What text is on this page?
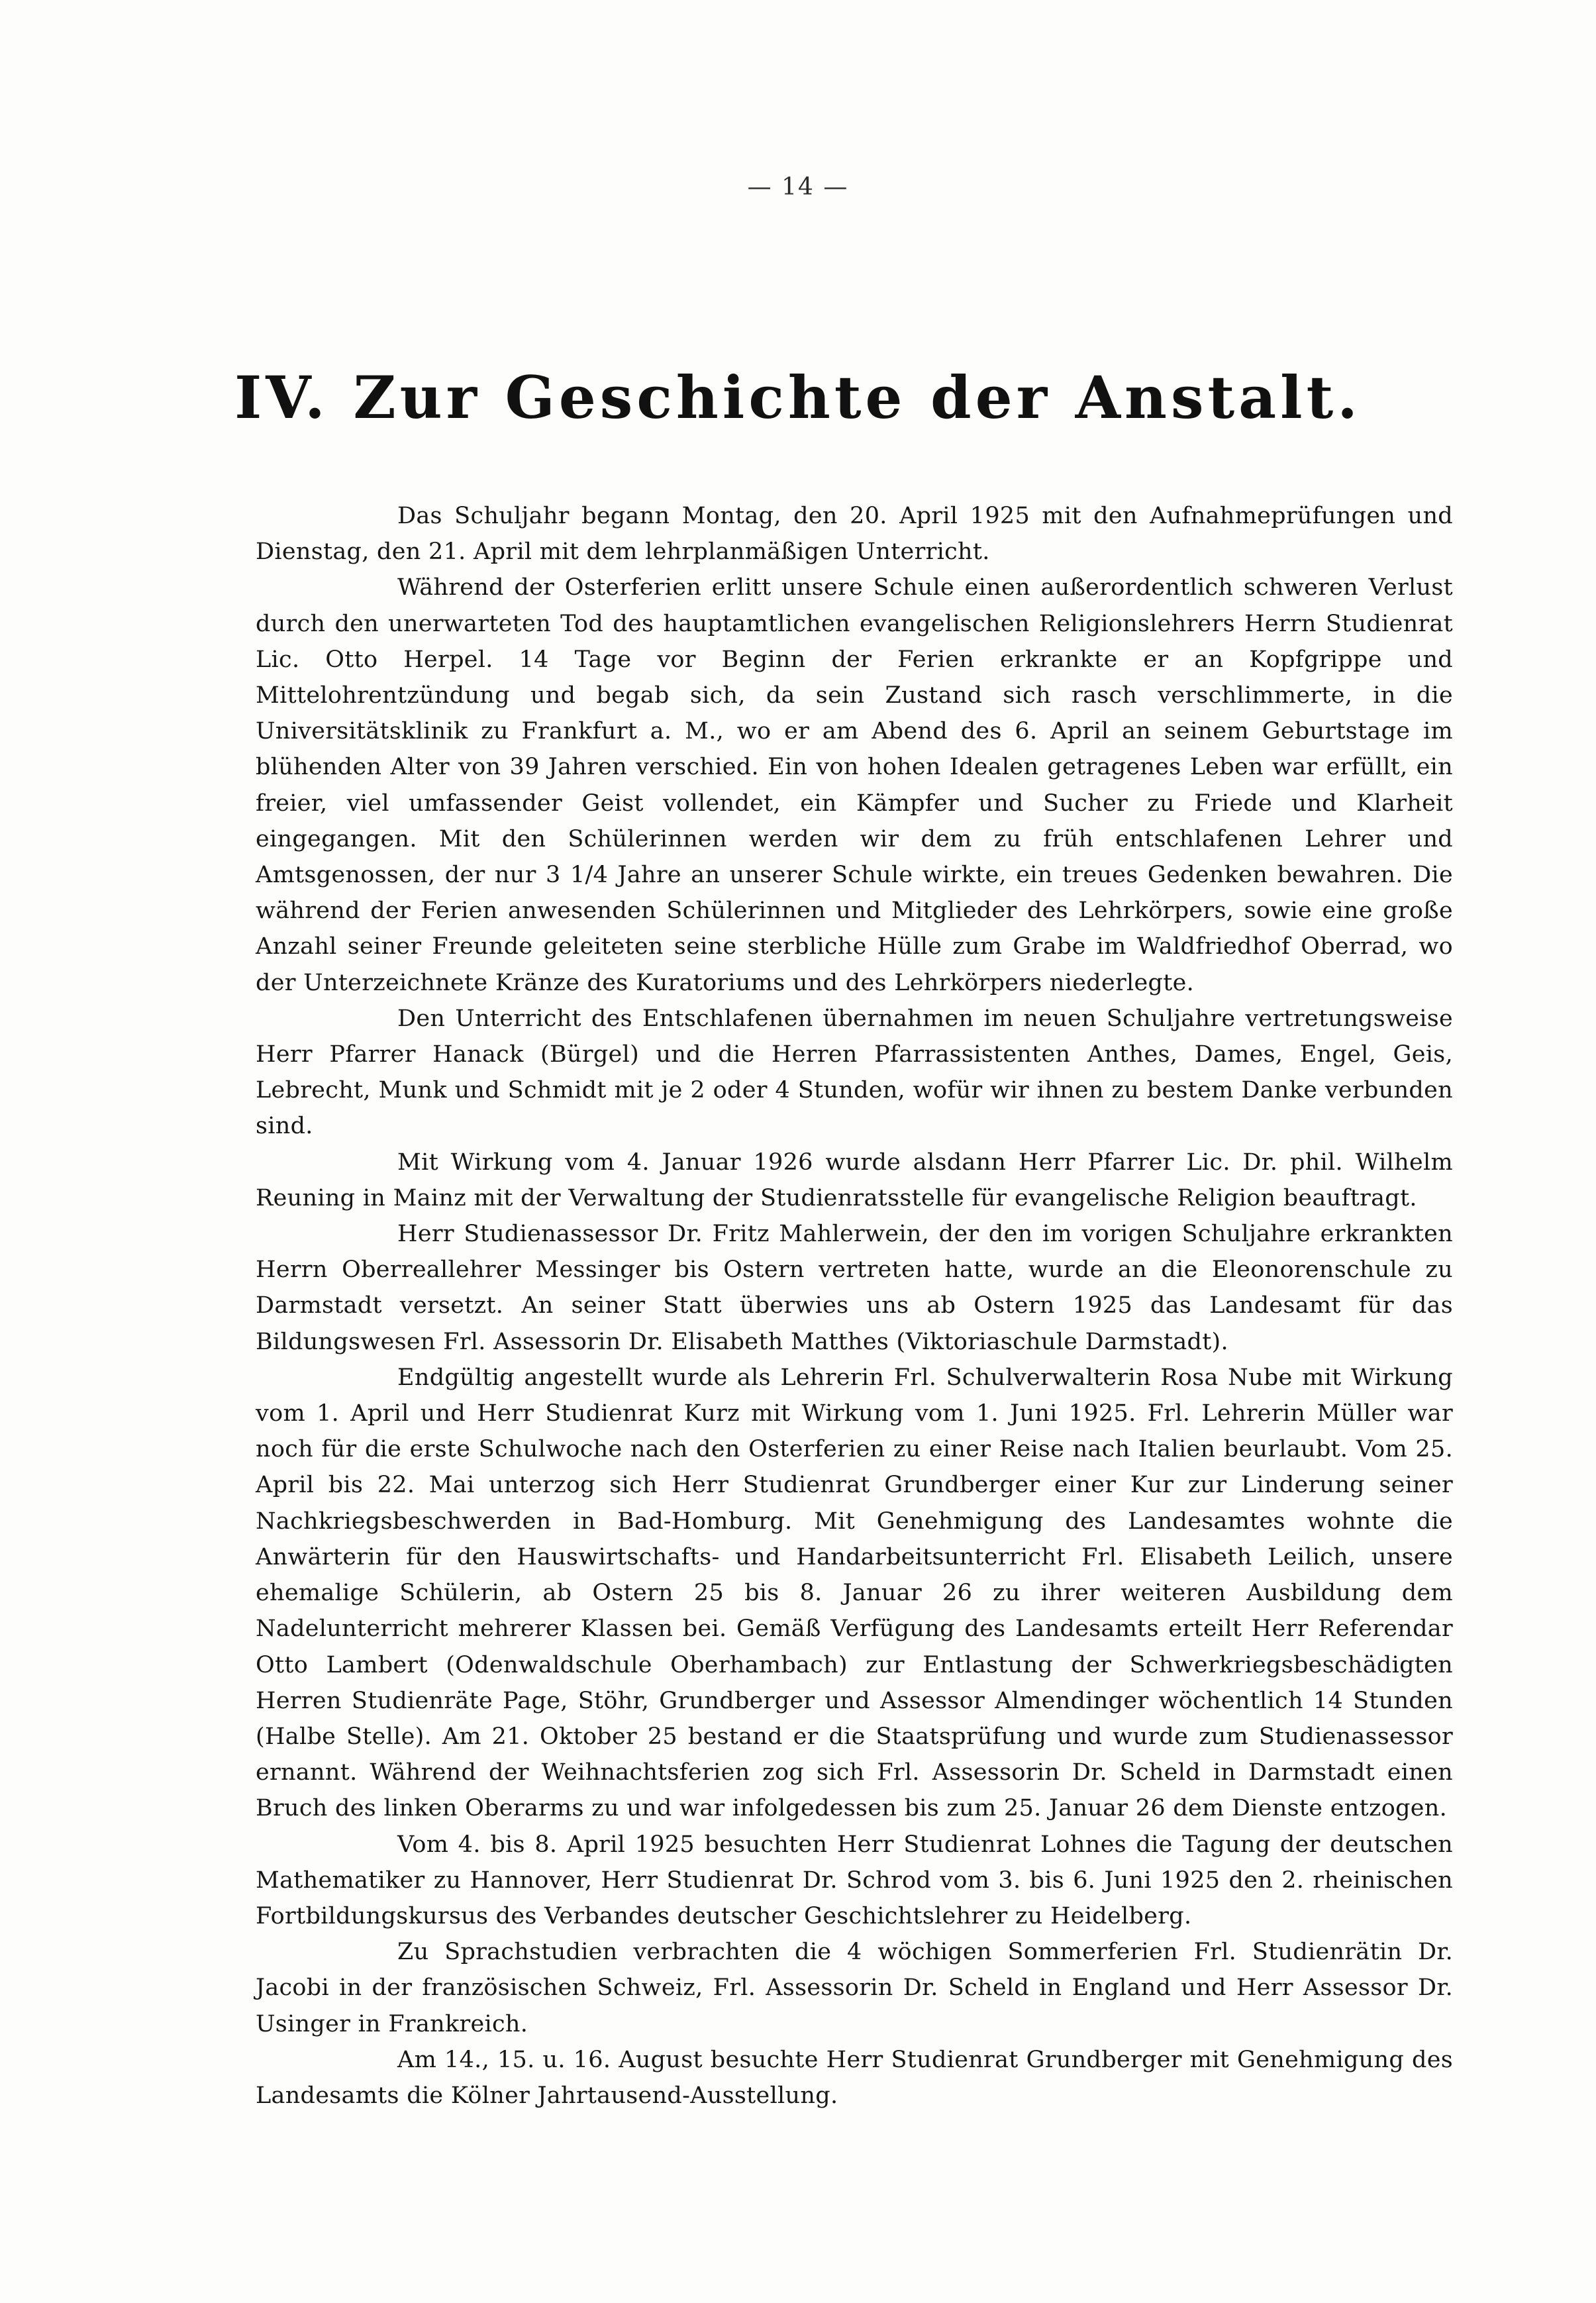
— 14 —
IV. Zur Geschichte der Anstalt.

Das Schuljahr begann Montag, den 20. April 1925 mit den Aufnahmeprüfungen und Dienstag, den 21. April mit dem lehrplanmäßigen Unterricht.

Während der Osterferien erlitt unsere Schule einen außerordentlich schweren Verlust durch den unerwarteten Tod des hauptamtlichen evangelischen Religionslehrers Herrn Studienrat Lic. Otto Herpel. 14 Tage vor Beginn der Ferien erkrankte er an Kopfgrippe und Mittelohrentzündung und begab sich, da sein Zustand sich rasch verschlimmerte, in die Universitätsklinik zu Frankfurt a. M., wo er am Abend des 6. April an seinem Geburtstage im blühenden Alter von 39 Jahren verschied. Ein von hohen Idealen getragenes Leben war erfüllt, ein freier, viel umfassender Geist vollendet, ein Kämpfer und Sucher zu Friede und Klarheit eingegangen. Mit den Schülerinnen werden wir dem zu früh entschlafenen Lehrer und Amtsgenossen, der nur 3 1/4 Jahre an unserer Schule wirkte, ein treues Gedenken bewahren. Die während der Ferien anwesenden Schülerinnen und Mitglieder des Lehrkörpers, sowie eine große Anzahl seiner Freunde geleiteten seine sterbliche Hülle zum Grabe im Waldfriedhof Oberrad, wo der Unterzeichnete Kränze des Kuratoriums und des Lehrkörpers niederlegte.

Den Unterricht des Entschlafenen übernahmen im neuen Schuljahre vertretungsweise Herr Pfarrer Hanack (Bürgel) und die Herren Pfarrassistenten Anthes, Dames, Engel, Geis, Lebrecht, Munk und Schmidt mit je 2 oder 4 Stunden, wofür wir ihnen zu bestem Danke verbunden sind.

Mit Wirkung vom 4. Januar 1926 wurde alsdann Herr Pfarrer Lic. Dr. phil. Wilhelm Reuning in Mainz mit der Verwaltung der Studienratsstelle für evangelische Religion beauftragt.

Herr Studienassessor Dr. Fritz Mahlerwein, der den im vorigen Schuljahre erkrankten Herrn Oberreallehrer Messinger bis Ostern vertreten hatte, wurde an die Eleonorenschule zu Darmstadt versetzt. An seiner Statt überwies uns ab Ostern 1925 das Landesamt für das Bildungswesen Frl. Assessorin Dr. Elisabeth Matthes (Viktoriaschule Darmstadt).

Endgültig angestellt wurde als Lehrerin Frl. Schulverwalterin Rosa Nube mit Wirkung vom 1. April und Herr Studienrat Kurz mit Wirkung vom 1. Juni 1925. Frl. Lehrerin Müller war noch für die erste Schulwoche nach den Osterferien zu einer Reise nach Italien beurlaubt. Vom 25. April bis 22. Mai unterzog sich Herr Studienrat Grundberger einer Kur zur Linderung seiner Nachkriegsbeschwerden in Bad-Homburg. Mit Genehmigung des Landesamtes wohnte die Anwärterin für den Hauswirtschafts- und Handarbeitsunterricht Frl. Elisabeth Leilich, unsere ehemalige Schülerin, ab Ostern 25 bis 8. Januar 26 zu ihrer weiteren Ausbildung dem Nadelunterricht mehrerer Klassen bei. Gemäß Verfügung des Landesamts erteilt Herr Referendar Otto Lambert (Odenwaldschule Oberhambach) zur Entlastung der Schwerkriegsbeschädigten Herren Studienräte Page, Stöhr, Grundberger und Assessor Almendinger wöchentlich 14 Stunden (Halbe Stelle). Am 21. Oktober 25 bestand er die Staatsprüfung und wurde zum Studienassessor ernannt. Während der Weihnachtsferien zog sich Frl. Assessorin Dr. Scheld in Darmstadt einen Bruch des linken Oberarms zu und war infolgedessen bis zum 25. Januar 26 dem Dienste entzogen.

Vom 4. bis 8. April 1925 besuchten Herr Studienrat Lohnes die Tagung der deutschen Mathematiker zu Hannover, Herr Studienrat Dr. Schrod vom 3. bis 6. Juni 1925 den 2. rheinischen Fortbildungskursus des Verbandes deutscher Geschichtslehrer zu Heidelberg.

Zu Sprachstudien verbrachten die 4 wöchigen Sommerferien Frl. Studienrätin Dr. Jacobi in der französischen Schweiz, Frl. Assessorin Dr. Scheld in England und Herr Assessor Dr. Usinger in Frankreich.

Am 14., 15. u. 16. August besuchte Herr Studienrat Grundberger mit Genehmigung des Landesamts die Kölner Jahrtausend-Ausstellung.
